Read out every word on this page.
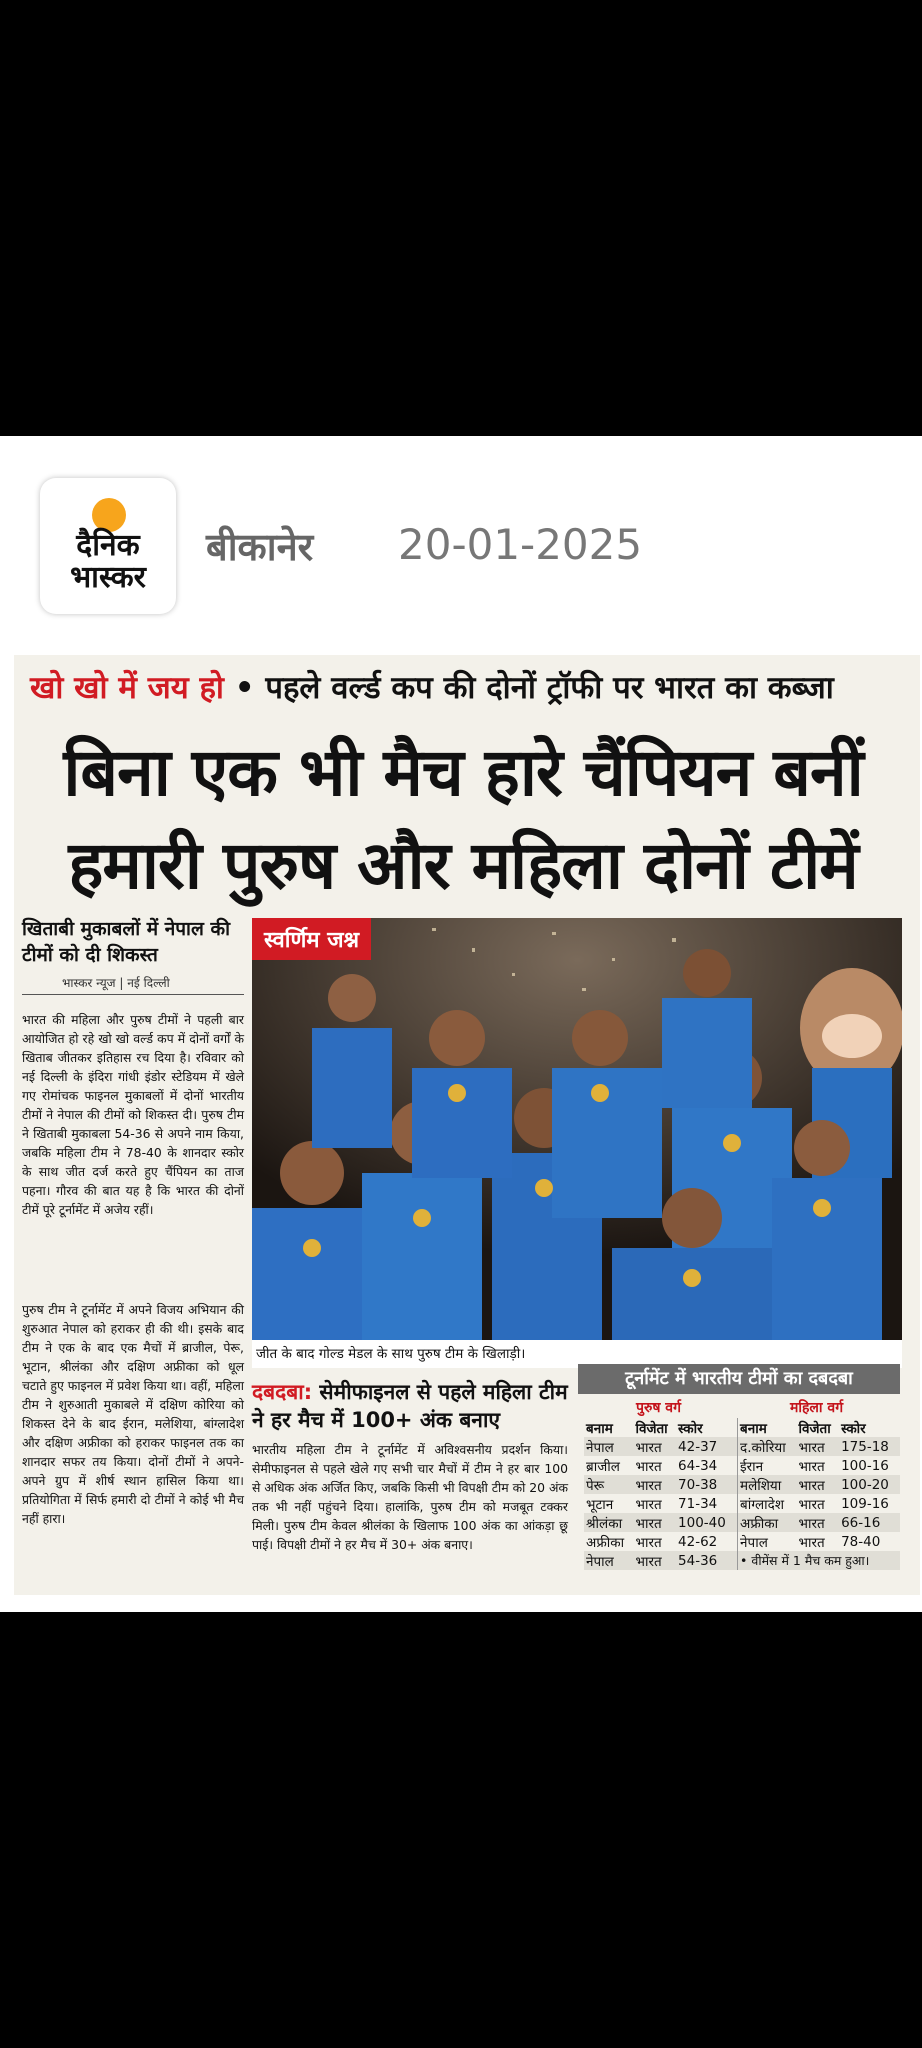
दैनिक
भास्कर
बीकानेर 20-01-2025
खो खो में जय हो • पहले वर्ल्ड कप की दोनों ट्रॉफी पर भारत का कब्जा
बिना एक भी मैच हारे चैंपियन बनीं
हमारी पुरुष और महिला दोनों टीमें
खिताबी मुकाबलों में नेपाल की टीमों को दी शिकस्त
भास्कर न्यूज | नई दिल्ली
भारत की महिला और पुरुष टीमों ने पहली बार आयोजित हो रहे खो खो वर्ल्ड कप में दोनों वर्गों के खिताब जीतकर इतिहास रच दिया है। रविवार को नई दिल्ली के इंदिरा गांधी इंडोर स्टेडियम में खेले गए रोमांचक फाइनल मुकाबलों में दोनों भारतीय टीमों ने नेपाल की टीमों को शिकस्त दी। पुरुष टीम ने खिताबी मुकाबला 54-36 से अपने नाम किया, जबकि महिला टीम ने 78-40 के शानदार स्कोर के साथ जीत दर्ज करते हुए चैंपियन का ताज पहना। गौरव की बात यह है कि भारत की दोनों टीमें पूरे टूर्नामेंट में अजेय रहीं।
पुरुष टीम ने टूर्नामेंट में अपने विजय अभियान की शुरुआत नेपाल को हराकर ही की थी। इसके बाद टीम ने एक के बाद एक मैचों में ब्राजील, पेरू, भूटान, श्रीलंका और दक्षिण अफ्रीका को धूल चटाते हुए फाइनल में प्रवेश किया था। वहीं, महिला टीम ने शुरुआती मुकाबले में दक्षिण कोरिया को शिकस्त देने के बाद ईरान, मलेशिया, बांग्लादेश और दक्षिण अफ्रीका को हराकर फाइनल तक का शानदार सफर तय किया। दोनों टीमों ने अपने-अपने ग्रुप में शीर्ष स्थान हासिल किया था। प्रतियोगिता में सिर्फ हमारी दो टीमों ने कोई भी मैच नहीं हारा।
स्वर्णिम जश्न
जीत के बाद गोल्ड मेडल के साथ पुरुष टीम के खिलाड़ी।
दबदबा: सेमीफाइनल से पहले महिला टीम ने हर मैच में 100+ अंक बनाए
भारतीय महिला टीम ने टूर्नामेंट में अविश्वसनीय प्रदर्शन किया। सेमीफाइनल से पहले खेले गए सभी चार मैचों में टीम ने हर बार 100 से अधिक अंक अर्जित किए, जबकि किसी भी विपक्षी टीम को 20 अंक तक भी नहीं पहुंचने दिया। हालांकि, पुरुष टीम को मजबूत टक्कर मिली। पुरुष टीम केवल श्रीलंका के खिलाफ 100 अंक का आंकड़ा छू पाई। विपक्षी टीमों ने हर मैच में 30+ अंक बनाए।
टूर्नामेंट में भारतीय टीमों का दबदबा
पुरुष वर्ग	महिला वर्ग
बनाम	विजेता	स्कोर	बनाम	विजेता	स्कोर
नेपाल	भारत	42-37	द.कोरिया	भारत	175-18
ब्राजील	भारत	64-34	ईरान	भारत	100-16
पेरू	भारत	70-38	मलेशिया	भारत	100-20
भूटान	भारत	71-34	बांग्लादेश	भारत	109-16
श्रीलंका	भारत	100-40	अफ्रीका	भारत	66-16
अफ्रीका	भारत	42-62	नेपाल	भारत	78-40
नेपाल	भारत	54-36	• वीमेंस में 1 मैच कम हुआ।		
